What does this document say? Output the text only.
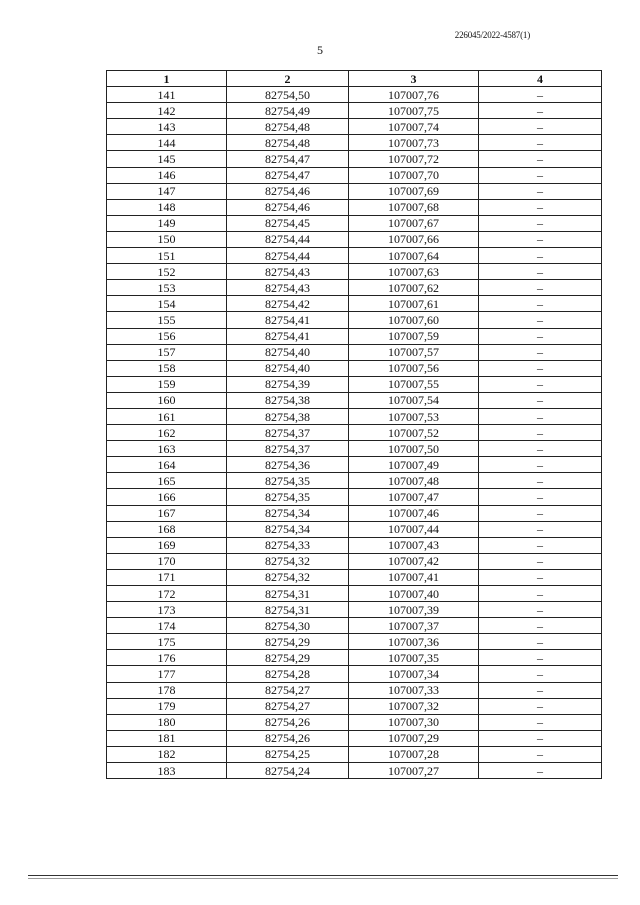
226045/2022-4587(1)
5
1	2	3	4
141	82754,50	107007,76	–
142	82754,49	107007,75	–
143	82754,48	107007,74	–
144	82754,48	107007,73	–
145	82754,47	107007,72	–
146	82754,47	107007,70	–
147	82754,46	107007,69	–
148	82754,46	107007,68	–
149	82754,45	107007,67	–
150	82754,44	107007,66	–
151	82754,44	107007,64	–
152	82754,43	107007,63	–
153	82754,43	107007,62	–
154	82754,42	107007,61	–
155	82754,41	107007,60	–
156	82754,41	107007,59	–
157	82754,40	107007,57	–
158	82754,40	107007,56	–
159	82754,39	107007,55	–
160	82754,38	107007,54	–
161	82754,38	107007,53	–
162	82754,37	107007,52	–
163	82754,37	107007,50	–
164	82754,36	107007,49	–
165	82754,35	107007,48	–
166	82754,35	107007,47	–
167	82754,34	107007,46	–
168	82754,34	107007,44	–
169	82754,33	107007,43	–
170	82754,32	107007,42	–
171	82754,32	107007,41	–
172	82754,31	107007,40	–
173	82754,31	107007,39	–
174	82754,30	107007,37	–
175	82754,29	107007,36	–
176	82754,29	107007,35	–
177	82754,28	107007,34	–
178	82754,27	107007,33	–
179	82754,27	107007,32	–
180	82754,26	107007,30	–
181	82754,26	107007,29	–
182	82754,25	107007,28	–
183	82754,24	107007,27	–
